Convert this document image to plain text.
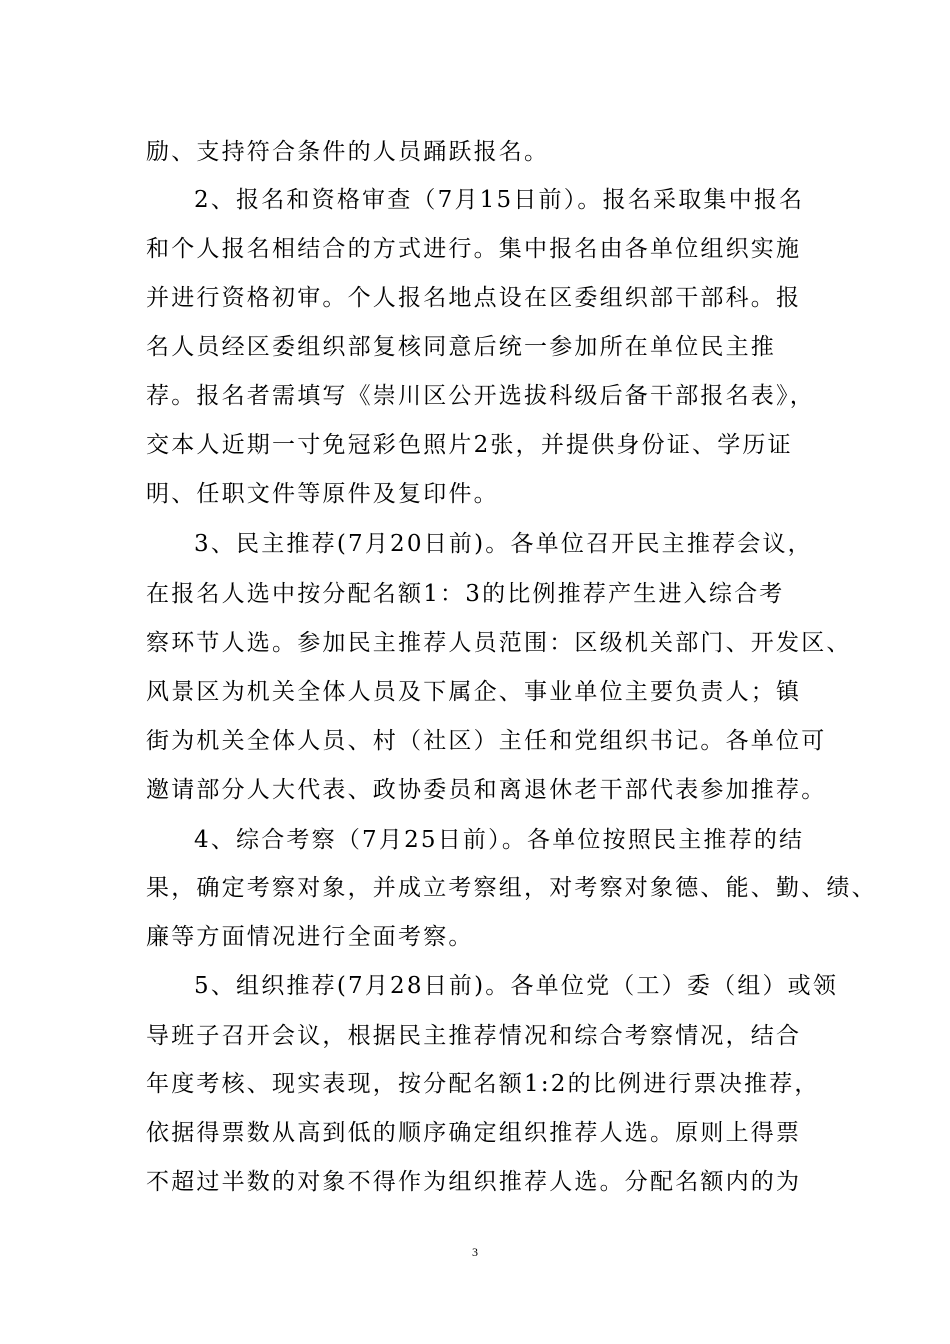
励、支持符合条件的人员踊跃报名。
2、报名和资格审查（7月15日前）。报名采取集中报名
和个人报名相结合的方式进行。集中报名由各单位组织实施
并进行资格初审。个人报名地点设在区委组织部干部科。报
名人员经区委组织部复核同意后统一参加所在单位民主推
荐。报名者需填写《崇川区公开选拔科级后备干部报名表》，
交本人近期一寸免冠彩色照片2张，并提供身份证、学历证
明、任职文件等原件及复印件。
3、民主推荐(7月20日前)。各单位召开民主推荐会议，
在报名人选中按分配名额1：3的比例推荐产生进入综合考
察环节人选。参加民主推荐人员范围：区级机关部门、开发区、
风景区为机关全体人员及下属企、事业单位主要负责人；镇
街为机关全体人员、村（社区）主任和党组织书记。各单位可
邀请部分人大代表、政协委员和离退休老干部代表参加推荐。
4、综合考察（7月25日前）。各单位按照民主推荐的结
果，确定考察对象，并成立考察组，对考察对象德、能、勤、绩、
廉等方面情况进行全面考察。
5、组织推荐(7月28日前)。各单位党（工）委（组）或领
导班子召开会议，根据民主推荐情况和综合考察情况，结合
年度考核、现实表现，按分配名额1:2的比例进行票决推荐，
依据得票数从高到低的顺序确定组织推荐人选。原则上得票
不超过半数的对象不得作为组织推荐人选。分配名额内的为
3
